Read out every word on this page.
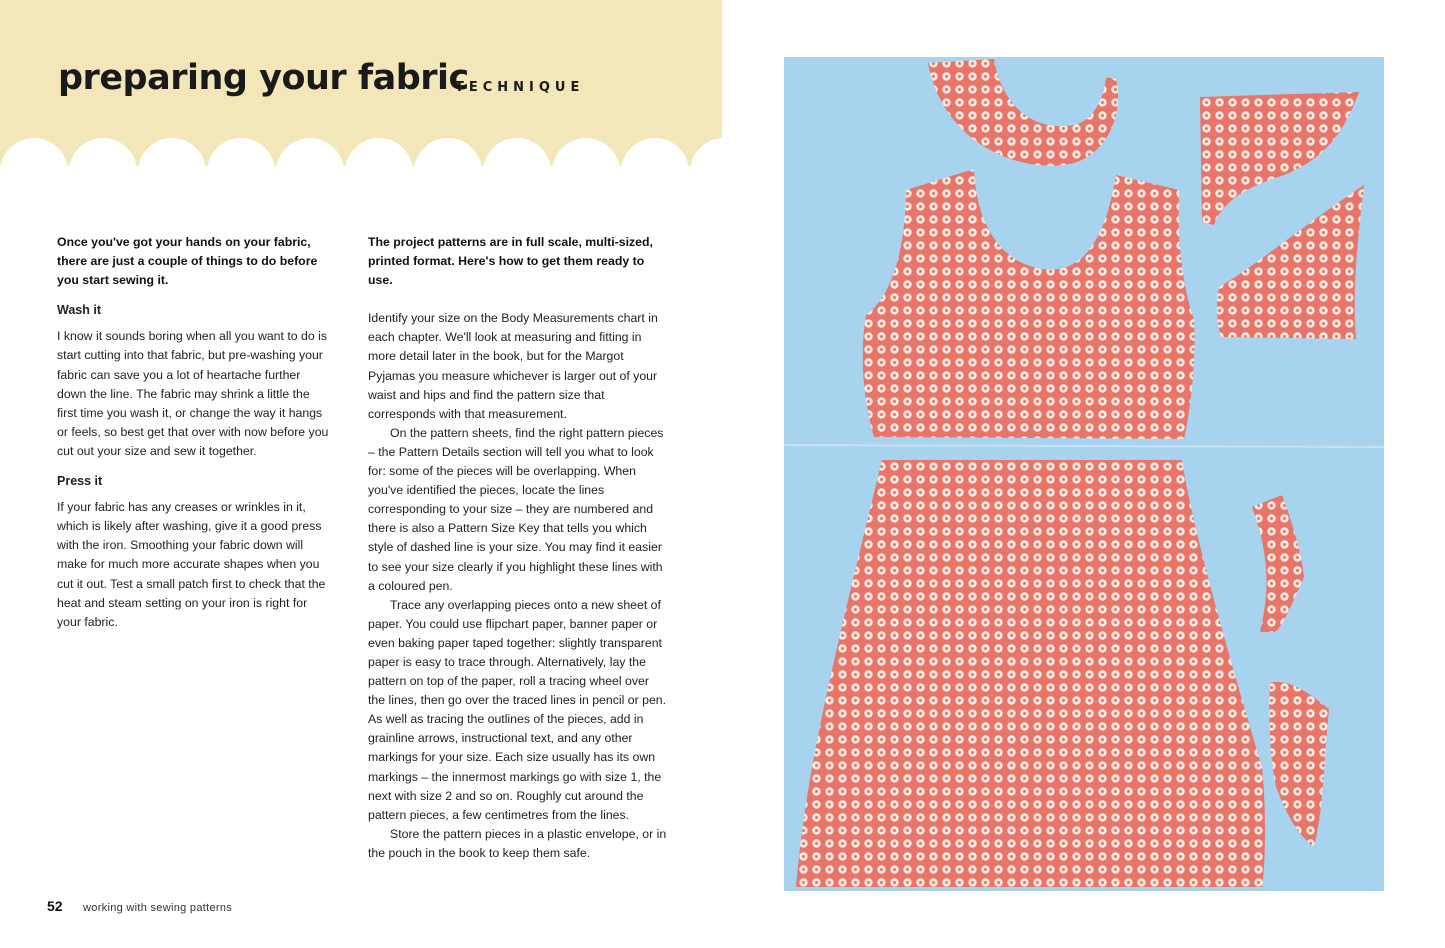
preparing your fabric
TECHNIQUE

Once you've got your hands on your fabric, there are just a couple of things to do before you start sewing it.

Wash it

I know it sounds boring when all you want to do is start cutting into that fabric, but pre-washing your fabric can save you a lot of heartache further down the line. The fabric may shrink a little the first time you wash it, or change the way it hangs or feels, so best get that over with now before you cut out your size and sew it together.

Press it

If your fabric has any creases or wrinkles in it, which is likely after washing, give it a good press with the iron. Smoothing your fabric down will make for much more accurate shapes when you cut it out. Test a small patch first to check that the heat and steam setting on your iron is right for your fabric.

The project patterns are in full scale, multi-sized, printed format. Here's how to get them ready to use.

Identify your size on the Body Measurements chart in each chapter. We'll look at measuring and fitting in more detail later in the book, but for the Margot Pyjamas you measure whichever is larger out of your waist and hips and find the pattern size that corresponds with that measurement.

On the pattern sheets, find the right pattern pieces – the Pattern Details section will tell you what to look for: some of the pieces will be overlapping. When you've identified the pieces, locate the lines corresponding to your size – they are numbered and there is also a Pattern Size Key that tells you which style of dashed line is your size. You may find it easier to see your size clearly if you highlight these lines with a coloured pen.

Trace any overlapping pieces onto a new sheet of paper. You could use flipchart paper, banner paper or even baking paper taped together: slightly transparent paper is easy to trace through. Alternatively, lay the pattern on top of the paper, roll a tracing wheel over the lines, then go over the traced lines in pencil or pen. As well as tracing the outlines of the pieces, add in grainline arrows, instructional text, and any other markings for your size. Each size usually has its own markings – the innermost markings go with size 1, the next with size 2 and so on. Roughly cut around the pattern pieces, a few centimetres from the lines.

Store the pattern pieces in a plastic envelope, or in the pouch in the book to keep them safe.

52 working with sewing patterns
